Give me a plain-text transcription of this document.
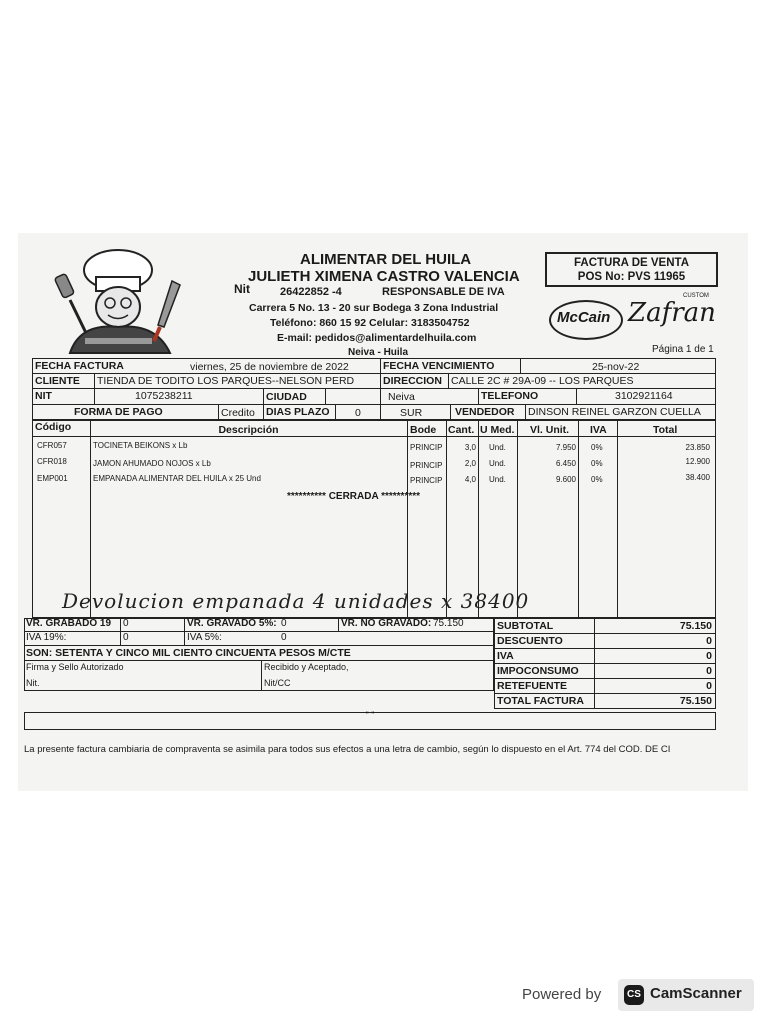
ALIMENTAR DEL HUILA
JULIETH XIMENA CASTRO VALENCIA
Nit	26422852 -4	RESPONSABLE DE IVA
Carrera 5 No. 13 - 20 sur Bodega 3 Zona Industrial
Teléfono: 860 15 92 Celular: 3183504752
E-mail: pedidos@alimentardelhuila.com
Neiva - Huila
FACTURA DE VENTA
POS No: PVS 11965
McCain Zafran
CUSTOM
Página 1 de 1
FECHA FACTURA	viernes, 25 de noviembre de 2022	FECHA VENCIMIENTO	25-nov-22
CLIENTE TIENDA DE TODITO LOS PARQUES--NELSON PERD	DIRECCION CALLE 2C # 29A-09 -- LOS PARQUES
NIT	1075238211	CIUDAD	Neiva	TELEFONO	3102921164
FORMA DE PAGO	Credito DIAS PLAZO 0	SUR	VENDEDOR DINSON REINEL GARZON CUELLA
Código	Descripción	Bode Cant. U Med. Vl. Unit. IVA	Total
CFR057	TOCINETA BEIKONS x Lb	PRINCIP	3,0 Und.	7.950 0%	23.850
CFR018	JAMON AHUMADO NOJOS x Lb	PRINCIP	2,0 Und.	6.450 0%	12.900
EMP001	EMPANADA ALIMENTAR DEL HUILA x 25 Und	PRINCIP	4,0 Und.	9.600 0%	38.400
********** CERRADA **********
Devolucion empanada 4 unidades x 38400
VR. GRABADO 19 0	VR. GRAVADO 5%: 0	VR. NO GRAVADO: 75.150
IVA 19%:	0	IVA 5%:	0
SON: SETENTA Y CINCO MIL CIENTO CINCUENTA PESOS M/CTE
Firma y Sello Autorizado
Nit.
Recibido y Aceptado,
Nit/CC
SUBTOTAL	75.150
DESCUENTO	0
IVA	0
IMPOCONSUMO	0
RETEFUENTE	0
TOTAL FACTURA	75.150
" "
La presente factura cambiaria de compraventa se asimila para todos sus efectos a una letra de cambio, según lo dispuesto en el Art. 774 del COD. DE CI
Powered by	CS CamScanner
